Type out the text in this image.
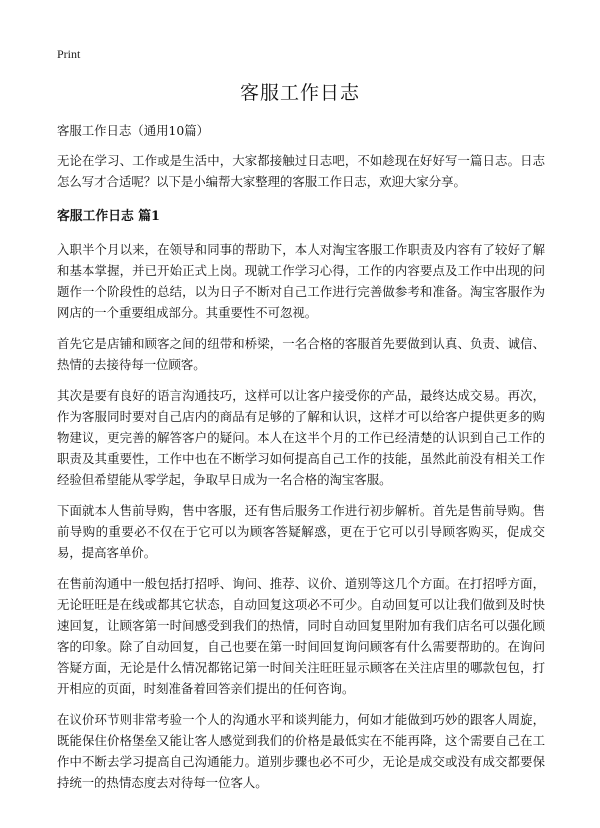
Print
客服工作日志

客服工作日志（通用10篇）

无论在学习、工作或是生活中，大家都接触过日志吧，不如趁现在好好写一篇日志。日志怎么写才合适呢？以下是小编帮大家整理的客服工作日志，欢迎大家分享。

客服工作日志 篇1

入职半个月以来，在领导和同事的帮助下，本人对淘宝客服工作职责及内容有了较好了解和基本掌握，并已开始正式上岗。现就工作学习心得，工作的内容要点及工作中出现的问题作一个阶段性的总结，以为日子不断对自己工作进行完善做参考和准备。淘宝客服作为网店的一个重要组成部分。其重要性不可忽视。

首先它是店铺和顾客之间的纽带和桥梁，一名合格的客服首先要做到认真、负责、诚信、热情的去接待每一位顾客。

其次是要有良好的语言沟通技巧，这样可以让客户接受你的产品，最终达成交易。再次，作为客服同时要对自己店内的商品有足够的了解和认识，这样才可以给客户提供更多的购物建议，更完善的解答客户的疑问。本人在这半个月的工作已经清楚的认识到自己工作的职责及其重要性，工作中也在不断学习如何提高自己工作的技能，虽然此前没有相关工作经验但希望能从零学起，争取早日成为一名合格的淘宝客服。

下面就本人售前导购，售中客服，还有售后服务工作进行初步解析。首先是售前导购。售前导购的重要必不仅在于它可以为顾客答疑解惑，更在于它可以引导顾客购买，促成交易，提高客单价。

在售前沟通中一般包括打招呼、询问、推荐、议价、道别等这几个方面。在打招呼方面，无论旺旺是在线或都其它状态，自动回复这项必不可少。自动回复可以让我们做到及时快速回复，让顾客第一时间感受到我们的热情，同时自动回复里附加有我们店名可以强化顾客的印象。除了自动回复，自己也要在第一时间回复询问顾客有什么需要帮助的。在询问答疑方面，无论是什么情况都铭记第一时间关注旺旺显示顾客在关注店里的哪款包包，打开相应的页面，时刻准备着回答亲们提出的任何咨询。

在议价环节则非常考验一个人的沟通水平和谈判能力，何如才能做到巧妙的跟客人周旋，既能保住价格堡垒又能让客人感觉到我们的价格是最低实在不能再降，这个需要自己在工作中不断去学习提高自己沟通能力。道别步骤也必不可少，无论是成交或没有成交都要保持统一的热情态度去对待每一位客人。
